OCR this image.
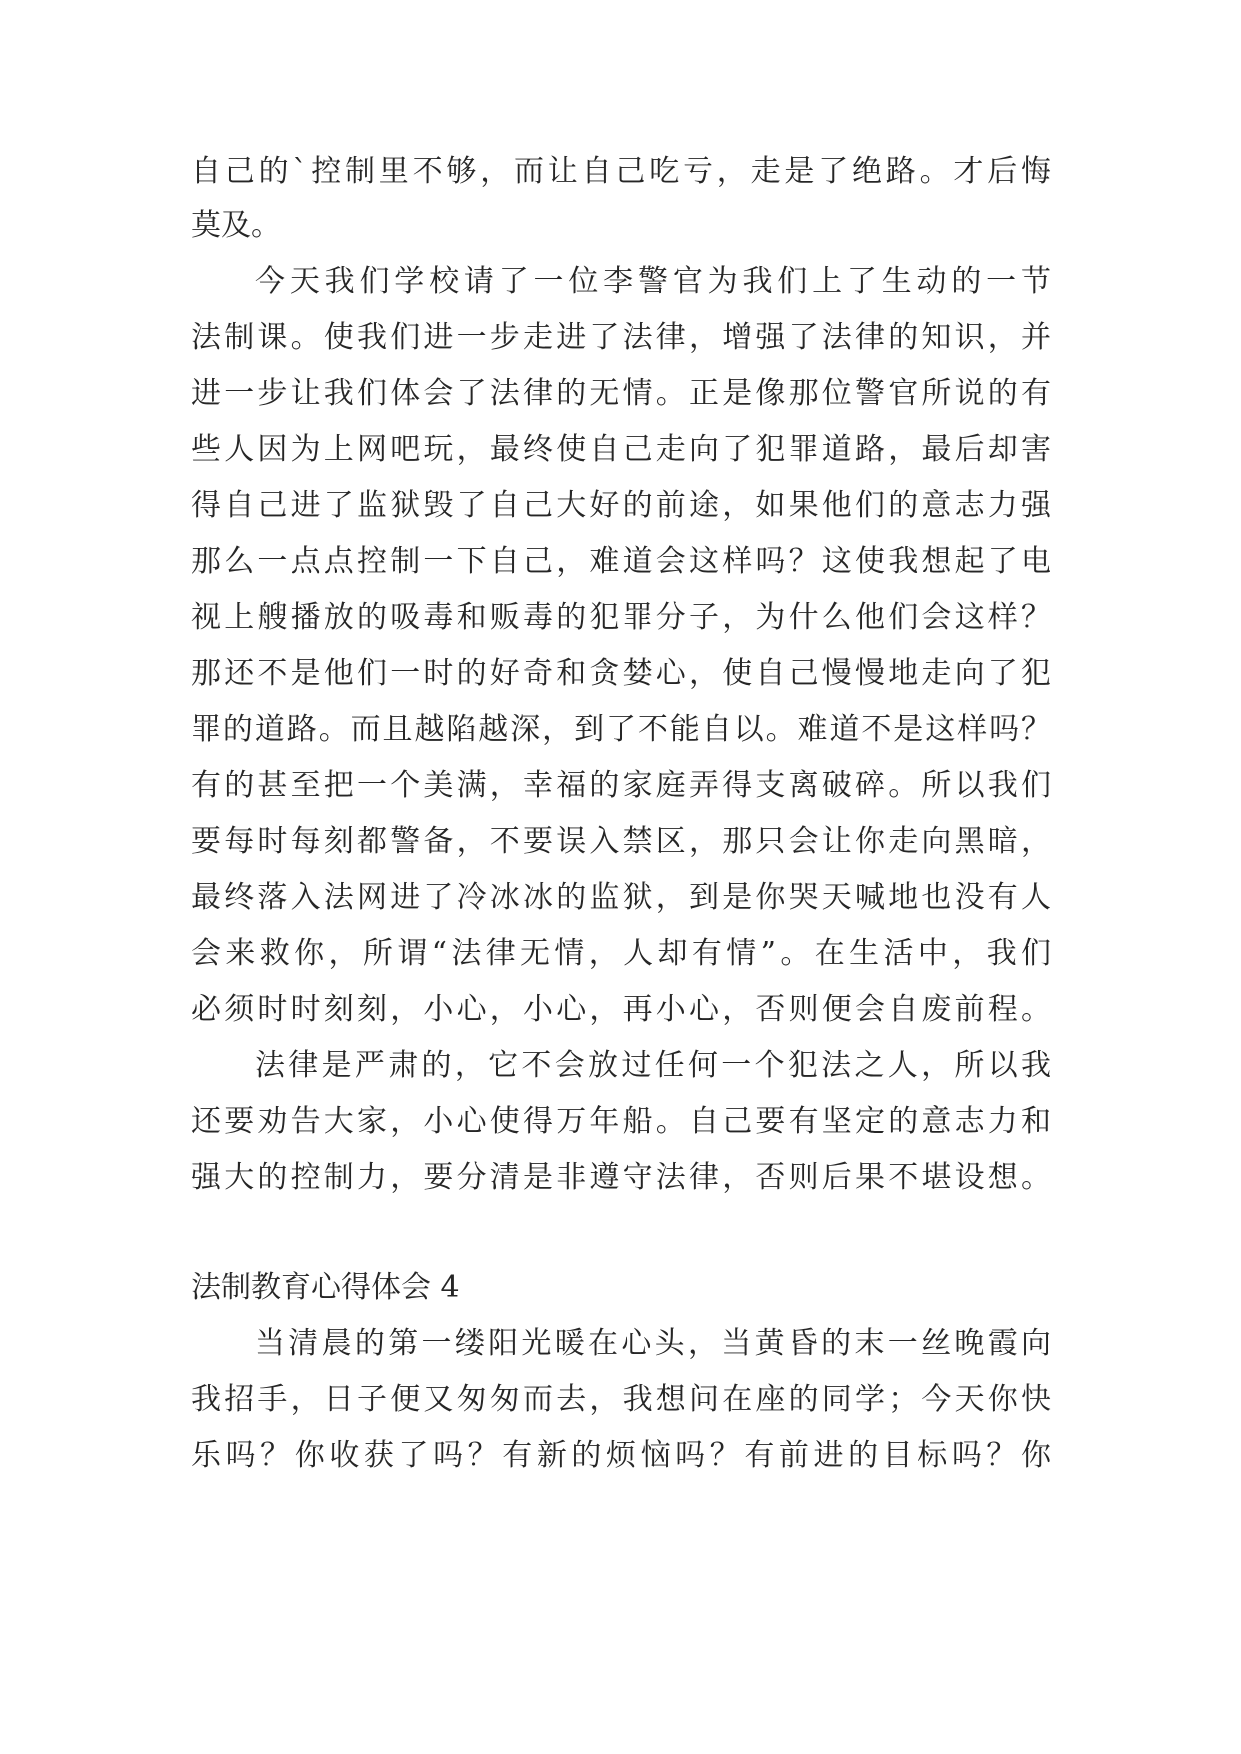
自己的`控制里不够，而让自己吃亏，走是了绝路。才后悔
莫及。
今天我们学校请了一位李警官为我们上了生动的一节
法制课。使我们进一步走进了法律，增强了法律的知识，并
进一步让我们体会了法律的无情。正是像那位警官所说的有
些人因为上网吧玩，最终使自己走向了犯罪道路，最后却害
得自己进了监狱毁了自己大好的前途，如果他们的意志力强
那么一点点控制一下自己，难道会这样吗？这使我想起了电
视上艘播放的吸毒和贩毒的犯罪分子，为什么他们会这样？
那还不是他们一时的好奇和贪婪心，使自己慢慢地走向了犯
罪的道路。而且越陷越深，到了不能自以。难道不是这样吗？
有的甚至把一个美满，幸福的家庭弄得支离破碎。所以我们
要每时每刻都警备，不要误入禁区，那只会让你走向黑暗，
最终落入法网进了冷冰冰的监狱，到是你哭天喊地也没有人
会来救你，所谓“法律无情，人却有情”。在生活中，我们
必须时时刻刻，小心，小心，再小心，否则便会自废前程。
法律是严肃的，它不会放过任何一个犯法之人，所以我
还要劝告大家，小心使得万年船。自己要有坚定的意志力和
强大的控制力，要分清是非遵守法律，否则后果不堪设想。
法制教育心得体会 4
当清晨的第一缕阳光暖在心头，当黄昏的末一丝晚霞向
我招手，日子便又匆匆而去，我想问在座的同学；今天你快
乐吗？你收获了吗？有新的烦恼吗？有前进的目标吗？你
